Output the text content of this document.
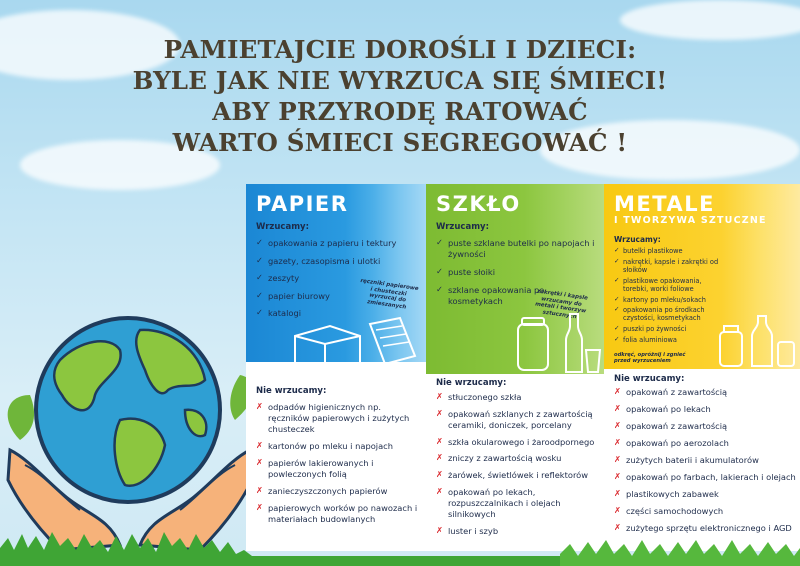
PAMIETAJCIE DOROŚLI I DZIECI:
BYLE JAK NIE WYRZUCA SIĘ ŚMIECI!
ABY PRZYRODĘ RATOWAĆ
WARTO ŚMIECI SEGREGOWAĆ !
PAPIER
Wrzucamy:
✓ opakowania z papieru i tektury
✓ gazety, czasopisma i ulotki
✓ zeszyty
✓ papier biurowy
✓ katalogi
ręczniki papierowe i chusteczki wyrzucaj do zmieszanych
Nie wrzucamy:
✗ odpadów higienicznych np. ręczników papierowych i zużytych chusteczek
✗ kartonów po mleku i napojach
✗ papierów lakierowanych i powleczonych folią
✗ zanieczyszczonych papierów
✗ papierowych worków po nawozach i materiałach budowlanych
SZKŁO
Wrzucamy:
✓ puste szklane butelki po napojach i żywności
✓ puste słoiki
✓ szklane opakowania po kosmetykach	zakrętki i kapsle wrzucamy do metali i tworzyw sztucznych
Nie wrzucamy:
✗ stłuczonego szkła
✗ opakowań szklanych z zawartością ceramiki, doniczek, porcelany
✗ szkła okularowego i żaroodpornego
✗ zniczy z zawartością wosku
✗ żarówek, świetlówek i reflektorów
✗ opakowań po lekach, rozpuszczalnikach i olejach silnikowych
✗ luster i szyb
METALE
I TWORZYWA SZTUCZNE
Wrzucamy:
✓ butelki plastikowe
✓ nakrętki, kapsle i zakrętki od słoików
✓ plastikowe opakowania, torebki, worki foliowe
✓ kartony po mleku/sokach
✓ opakowania po środkach czystości, kosmetykach
✓ puszki po żywności
✓ folia aluminiowa
odkręć, opróżnij i zgnieć przed wyrzuceniem
Nie wrzucamy:
✗ opakowań z zawartością
✗ opakowań po lekach
✗ opakowań z zawartością
✗ opakowań po aerozolach
✗ zużytych baterii i akumulatorów
✗ opakowań po farbach, lakierach i olejach
✗ plastikowych zabawek
✗ części samochodowych
✗ zużytego sprzętu elektronicznego i AGD
